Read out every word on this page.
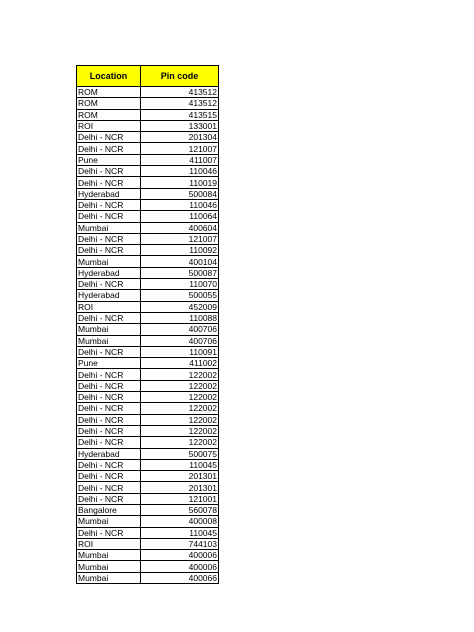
Location	Pin code
ROM	413512
ROM	413512
ROM	413515
ROI	133001
Delhi - NCR	201304
Delhi - NCR	121007
Pune	411007
Delhi - NCR	110046
Delhi - NCR	110019
Hyderabad	500084
Delhi - NCR	110046
Delhi - NCR	110064
Mumbai	400604
Delhi - NCR	121007
Delhi - NCR	110092
Mumbai	400104
Hyderabad	500087
Delhi - NCR	110070
Hyderabad	500055
ROI	452009
Delhi - NCR	110088
Mumbai	400706
Mumbai	400706
Delhi - NCR	110091
Pune	411002
Delhi - NCR	122002
Delhi - NCR	122002
Delhi - NCR	122002
Delhi - NCR	122002
Delhi - NCR	122002
Delhi - NCR	122002
Delhi - NCR	122002
Hyderabad	500075
Delhi - NCR	110045
Delhi - NCR	201301
Delhi - NCR	201301
Delhi - NCR	121001
Bangalore	560078
Mumbai	400008
Delhi - NCR	110045
ROI	744103
Mumbai	400006
Mumbai	400006
Mumbai	400066
